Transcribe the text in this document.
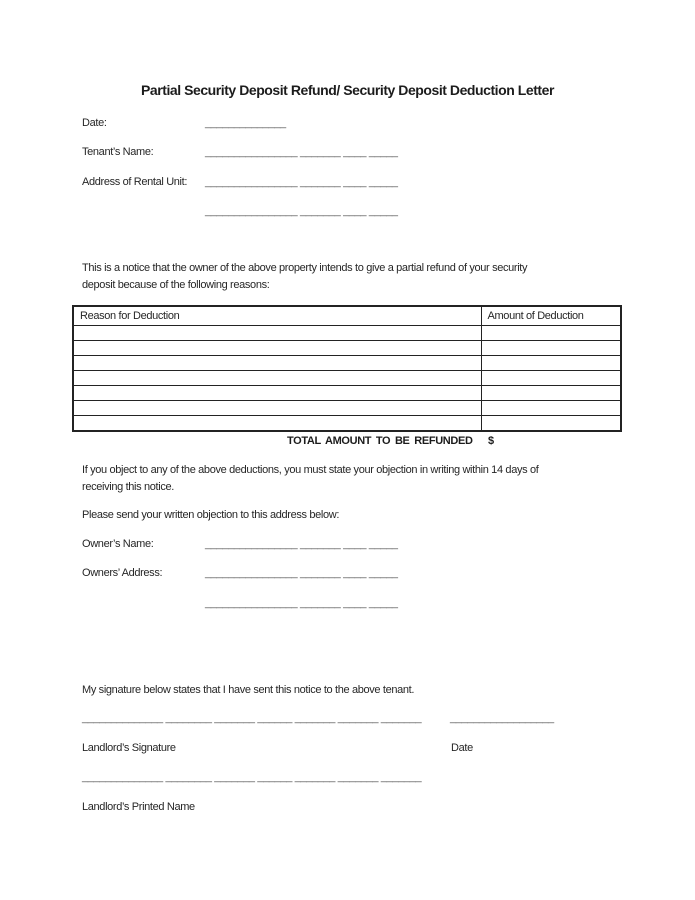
Partial Security Deposit Refund/ Security Deposit Deduction Letter
Date:	______________
Tenant’s Name:	________________ _______ ____ _____
Address of Rental Unit:	________________ _______ ____ _____
________________ _______ ____ _____
This is a notice that the owner of the above property intends to give a partial refund of your security
deposit because of the following reasons:
Reason for Deduction	Amount of Deduction

TOTAL AMOUNT TO BE REFUNDED $
If you object to any of the above deductions, you must state your objection in writing within 14 days of
receiving this notice.
Please send your written objection to this address below:
Owner’s Name:	________________ _______ ____ _____
Owners’ Address:	________________ _______ ____ _____
________________ _______ ____ _____
My signature below states that I have sent this notice to the above tenant.
______________ ________ _______ ______ _______ _______ _______	__________________
Landlord’s Signature	Date
______________ ________ _______ ______ _______ _______ _______
Landlord’s Printed Name
